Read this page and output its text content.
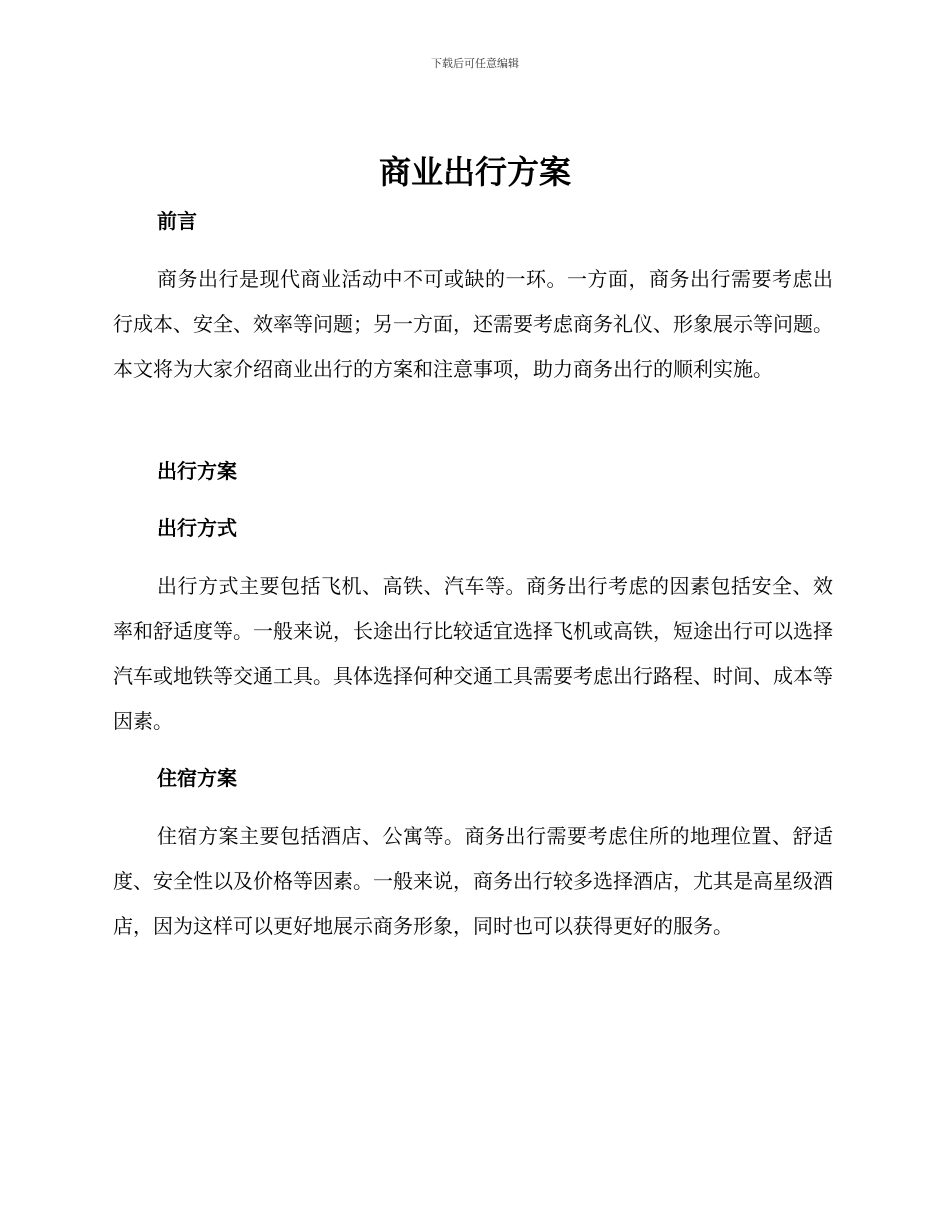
下载后可任意编辑
商业出行方案
前言
商务出行是现代商业活动中不可或缺的一环。一方面，商务出行需要考虑出行成本、安全、效率等问题；另一方面，还需要考虑商务礼仪、形象展示等问题。本文将为大家介绍商业出行的方案和注意事项，助力商务出行的顺利实施。
出行方案
出行方式
出行方式主要包括飞机、高铁、汽车等。商务出行考虑的因素包括安全、效率和舒适度等。一般来说，长途出行比较适宜选择飞机或高铁，短途出行可以选择汽车或地铁等交通工具。具体选择何种交通工具需要考虑出行路程、时间、成本等因素。
住宿方案
住宿方案主要包括酒店、公寓等。商务出行需要考虑住所的地理位置、舒适度、安全性以及价格等因素。一般来说，商务出行较多选择酒店，尤其是高星级酒店，因为这样可以更好地展示商务形象，同时也可以获得更好的服务。
